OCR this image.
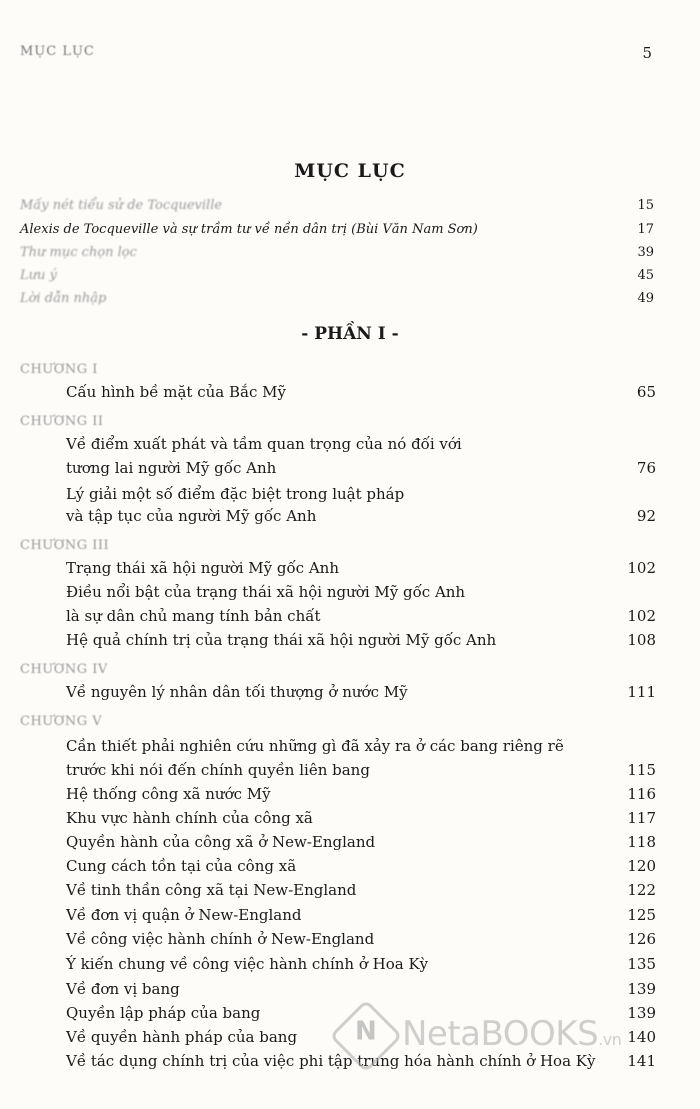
MỤC LỤC	5
MỤC LỤC
Mấy nét tiểu sử de Tocqueville	15
Alexis de Tocqueville và sự trầm tư về nền dân trị (Bùi Văn Nam Sơn)	17
Thư mục chọn lọc	39
Lưu ý	45
Lời dẫn nhập	49
- PHẦN I -
CHƯƠNG I
Cấu hình bề mặt của Bắc Mỹ	65
CHƯƠNG II
Về điểm xuất phát và tầm quan trọng của nó đối với
tương lai người Mỹ gốc Anh	76
Lý giải một số điểm đặc biệt trong luật pháp
và tập tục của người Mỹ gốc Anh	92
CHƯƠNG III
Trạng thái xã hội người Mỹ gốc Anh	102
Điều nổi bật của trạng thái xã hội người Mỹ gốc Anh
là sự dân chủ mang tính bản chất	102
Hệ quả chính trị của trạng thái xã hội người Mỹ gốc Anh	108
CHƯƠNG IV
Về nguyên lý nhân dân tối thượng ở nước Mỹ	111
CHƯƠNG V
Cần thiết phải nghiên cứu những gì đã xảy ra ở các bang riêng rẽ
trước khi nói đến chính quyền liên bang	115
Hệ thống công xã nước Mỹ	116
Khu vực hành chính của công xã	117
Quyền hành của công xã ở New-England	118
Cung cách tồn tại của công xã	120
Về tinh thần công xã tại New-England	122
Về đơn vị quận ở New-England	125
Về công việc hành chính ở New-England	126
Ý kiến chung về công việc hành chính ở Hoa Kỳ	135
Về đơn vị bang	139
Quyền lập pháp của bang	139
Về quyền hành pháp của bang	140
Về tác dụng chính trị của việc phi tập trung hóa hành chính ở Hoa Kỳ 141
N NetaBOOKS.vn
